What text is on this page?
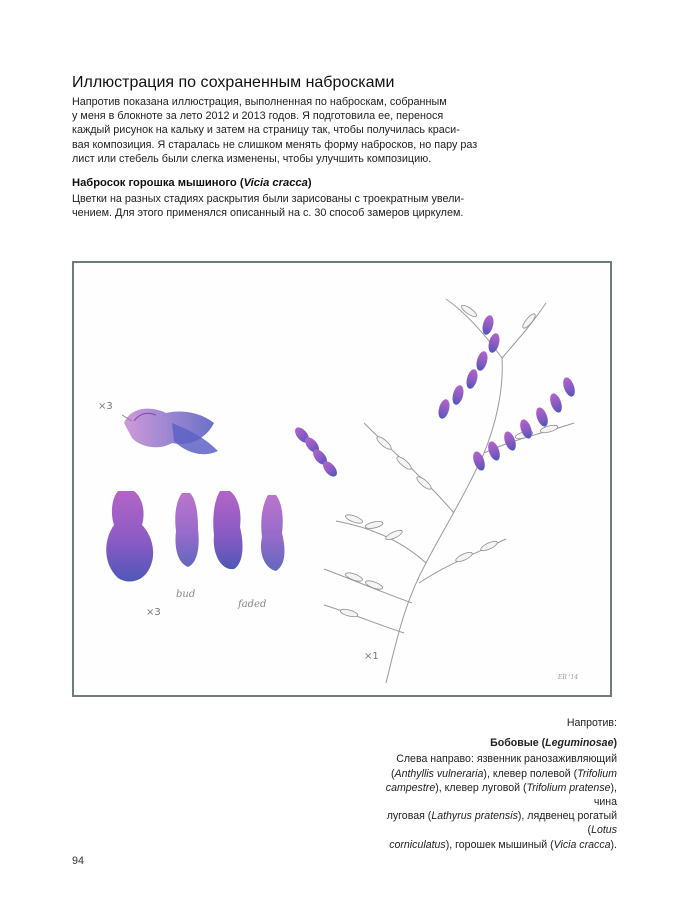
Иллюстрация по сохраненным набросками

Напротив показана иллюстрация, выполненная по наброскам, собранным
у меня в блокноте за лето 2012 и 2013 годов. Я подготовила ее, перенося
каждый рисунок на кальку и затем на страницу так, чтобы получилась краси-
вая композиция. Я старалась не слишком менять форму набросков, но пару раз
лист или стебель были слегка изменены, чтобы улучшить композицию.

Набросок горошка мышиного (Vicia cracca)

Цветки на разных стадиях раскрытия были зарисованы с троекратным увели-
чением. Для этого применялся описанный на с. 30 способ замеров циркулем.

×3
×3
bud
faded
×1
ER '14

Напротив:

Бобовые (Leguminosae)

Слева направо: язвенник ранозаживляющий
(Anthyllis vulneraria), клевер полевой (Trifolium
campestre), клевер луговой (Trifolium pratense), чина
луговая (Lathyrus pratensis), лядвенец рогатый (Lotus
corniculatus), горошек мышиный (Vicia cracca).

94
